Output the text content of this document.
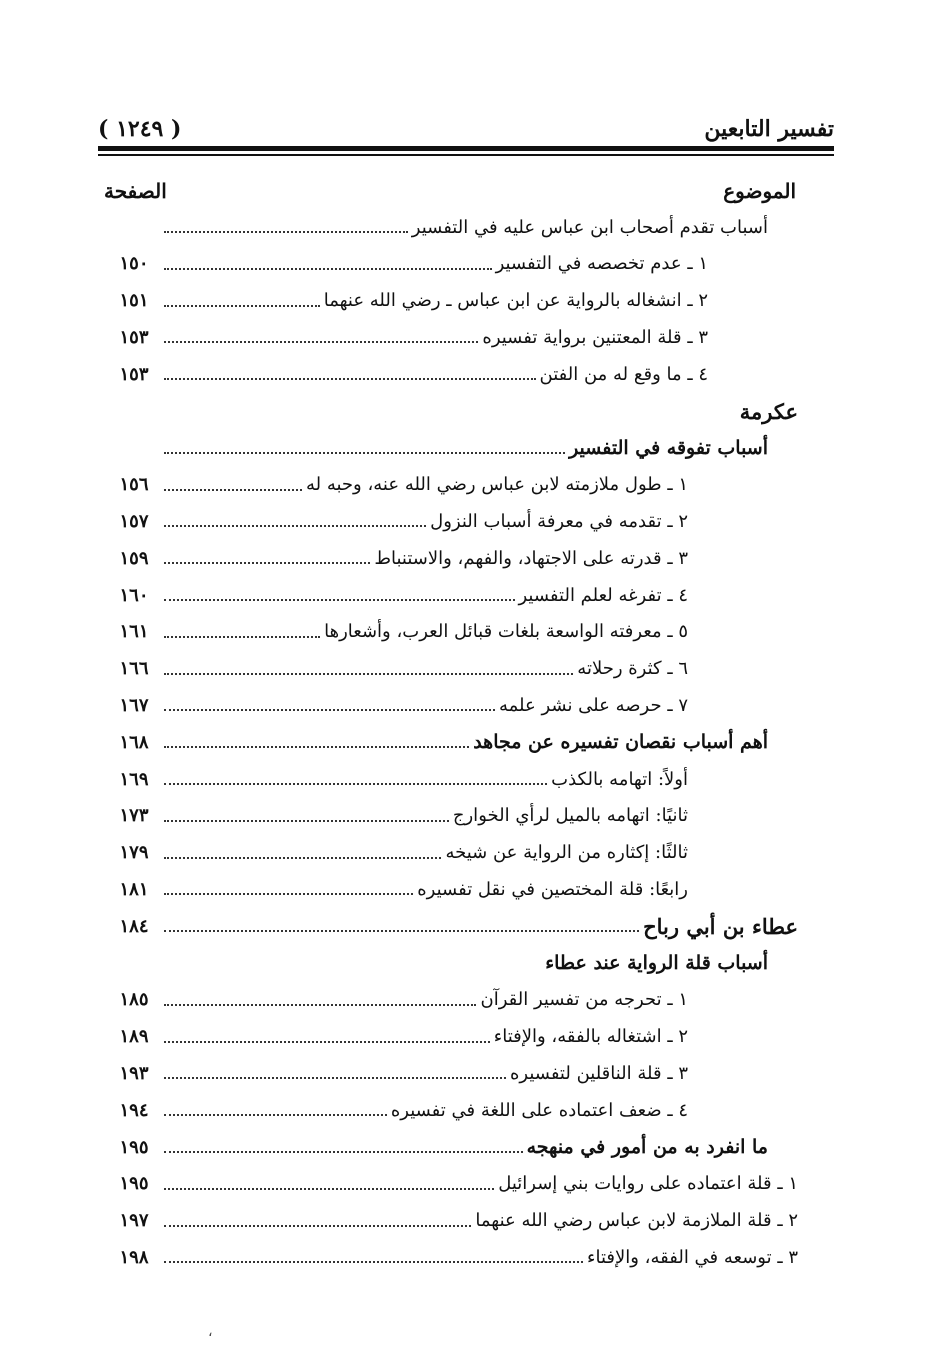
تفسير التابعين
( ١٢٤٩ )
الموضوع
الصفحة
أسباب تقدم أصحاب ابن عباس عليه في التفسير
١ ـ عدم تخصصه في التفسير
١٥٠
٢ ـ انشغاله بالرواية عن ابن عباس ـ رضي الله عنهما
١٥١
٣ ـ قلة المعتنين برواية تفسيره
١٥٣
٤ ـ ما وقع له من الفتن
١٥٣
عكرمة
أسباب تفوقه في التفسير
١ ـ طول ملازمته لابن عباس رضي الله عنه، وحبه له
١٥٦
٢ ـ تقدمه في معرفة أسباب النزول
١٥٧
٣ ـ قدرته على الاجتهاد، والفهم، والاستنباط
١٥٩
٤ ـ تفرغه لعلم التفسير
١٦٠
٥ ـ معرفته الواسعة بلغات قبائل العرب، وأشعارها
١٦١
٦ ـ كثرة رحلاته
١٦٦
٧ ـ حرصه على نشر علمه
١٦٧
أهم أسباب نقصان تفسيره عن مجاهد
١٦٨
أولاً: اتهامه بالكذب
١٦٩
ثانيًا: اتهامه بالميل لرأي الخوارج
١٧٣
ثالثًا: إكثاره من الرواية عن شيخه
١٧٩
رابعًا: قلة المختصين في نقل تفسيره
١٨١
عطاء بن أبي رباح
١٨٤
أسباب قلة الرواية عند عطاء
١ ـ تحرجه من تفسير القرآن
١٨٥
٢ ـ اشتغاله بالفقه، والإفتاء
١٨٩
٣ ـ قلة الناقلين لتفسيره
١٩٣
٤ ـ ضعف اعتماده على اللغة في تفسيره
١٩٤
ما انفرد به من أمور في منهجه
١٩٥
١ ـ قلة اعتماده على روايات بني إسرائيل
١٩٥
٢ ـ قلة الملازمة لابن عباس رضي الله عنهما
١٩٧
٣ ـ توسعه في الفقه، والإفتاء
١٩٨
،
